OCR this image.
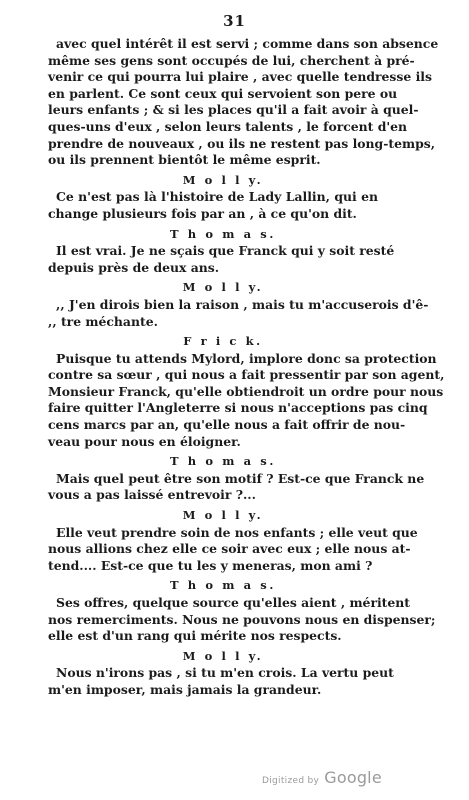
31
avec quel intérêt il est servi ; comme dans son absence
même ses gens sont occupés de lui, cherchent à pré-
venir ce qui pourra lui plaire , avec quelle tendresse ils
en parlent. Ce sont ceux qui servoient son pere ou
leurs enfants ; & si les places qu'il a fait avoir à quel-
ques-uns d'eux , selon leurs talents , le forcent d'en
prendre de nouveaux , ou ils ne restent pas long-temps,
ou ils prennent bientôt le même esprit.
M o l l y.
Ce n'est pas là l'histoire de Lady Lallin, qui en
change plusieurs fois par an , à ce qu'on dit.
T h o m a s.
Il est vrai. Je ne sçais que Franck qui y soit resté
depuis près de deux ans.
M o l l y.
,, J'en dirois bien la raison , mais tu m'accuserois d'ê-
,, tre méchante.
F r i c k.
Puisque tu attends Mylord, implore donc sa protection
contre sa sœur , qui nous a fait pressentir par son agent,
Monsieur Franck, qu'elle obtiendroit un ordre pour nous
faire quitter l'Angleterre si nous n'acceptions pas cinq
cens marcs par an, qu'elle nous a fait offrir de nou-
veau pour nous en éloigner.
T h o m a s.
Mais quel peut être son motif ? Est-ce que Franck ne
vous a pas laissé entrevoir ?...
M o l l y.
Elle veut prendre soin de nos enfants ; elle veut que
nous allions chez elle ce soir avec eux ; elle nous at-
tend.... Est-ce que tu les y meneras, mon ami ?
T h o m a s.
Ses offres, quelque source qu'elles aient , méritent
nos remerciments. Nous ne pouvons nous en dispenser;
elle est d'un rang qui mérite nos respects.
M o l l y.
Nous n'irons pas , si tu m'en crois. La vertu peut
m'en imposer, mais jamais la grandeur.
Digitized by Google
